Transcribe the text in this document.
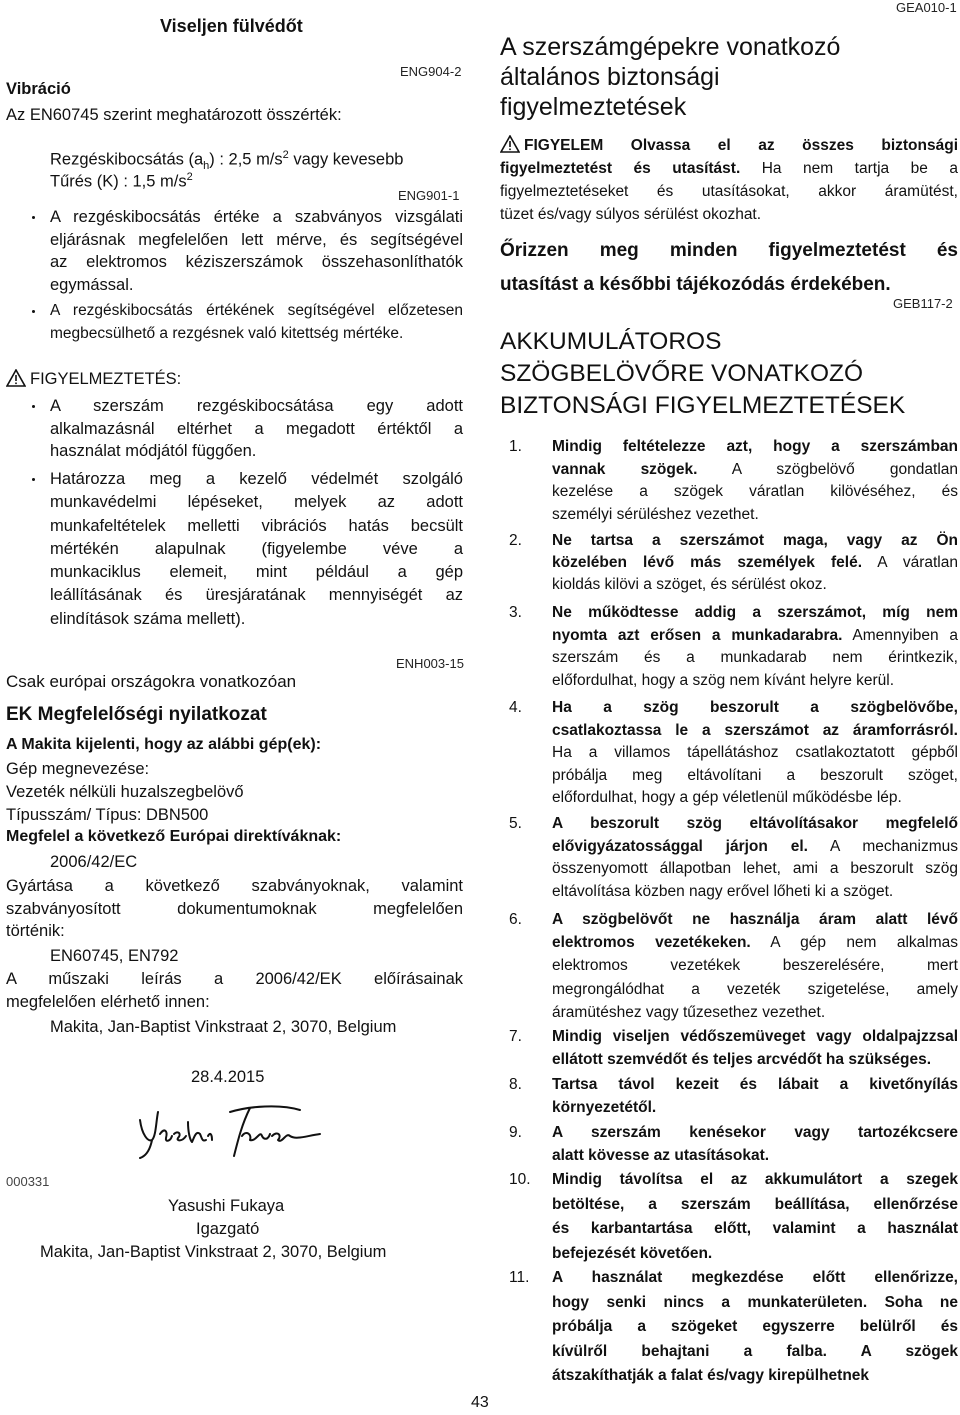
Viseljen fülvédőt
ENG904-2
Vibráció
Az EN60745 szerint meghatározott összérték:
Rezgéskibocsátás $(a_h)$ : 2,5 $m/s^2$ vagy kevesebb
Tűrés (K) : 1,5 $m/s^2$
ENG901-1
A rezgéskibocsátás értéke a szabványos vizsgálati
eljárásnak megfelelően lett mérve, és segítségével
az elektromos kéziszerszámok összehasonlíthatók
egymással.
A rezgéskibocsátás értékének segítségével előzetesen
megbecsülhető a rezgésnek való kitettség mértéke.
FIGYELMEZTETÉS:
A szerszám rezgéskibocsátása egy adott
alkalmazásnál eltérhet a megadott értéktől a
használat módjától függően.
Határozza meg a kezelő védelmét szolgáló
munkavédelmi lépéseket, melyek az adott
munkafeltételek melletti vibrációs hatás becsült
mértékén alapulnak (figyelembe véve a
munkaciklus elemeit, mint például a gép
leállításának és üresjáratának mennyiségét az
elindítások száma mellett).
ENH003-15
Csak európai országokra vonatkozóan
EK Megfelelőségi nyilatkozat
A Makita kijelenti, hogy az alábbi gép(ek):
Gép megnevezése:
Vezeték nélküli huzalszegbelövő
Típusszám/ Típus: DBN500
Megfelel a következő Európai direktíváknak:
2006/42/EC
Gyártása a következő szabványoknak, valamint
szabványosított dokumentumoknak megfelelően
történik:
EN60745, EN792
A műszaki leírás a 2006/42/EK előírásainak
megfelelően elérhető innen:
Makita, Jan-Baptist Vinkstraat 2, 3070, Belgium
28.4.2015
000331
Yasushi Fukaya
Igazgató
Makita, Jan-Baptist Vinkstraat 2, 3070, Belgium
GEA010-1
A szerszámgépekre vonatkozó
általános biztonsági
figyelmeztetések
FIGYELEM Olvassa el az összes biztonsági
figyelmeztetést és utasítást. Ha nem tartja be a
figyelmeztetéseket és utasításokat, akkor áramütést,
tüzet és/vagy súlyos sérülést okozhat.
Őrizzen meg minden figyelmeztetést és
utasítást a későbbi tájékozódás érdekében.
GEB117-2
AKKUMULÁTOROS
SZÖGBELÖVŐRE VONATKOZÓ
BIZTONSÁGI FIGYELMEZTETÉSEK
1.	Mindig feltételezze azt, hogy a szerszámban
vannak szögek. A szögbelövő gondatlan
kezelése a szögek váratlan kilövéséhez, és
személyi sérüléshez vezethet.
2.	Ne tartsa a szerszámot maga, vagy az Ön
közelében lévő más személyek felé. A váratlan
kioldás kilövi a szöget, és sérülést okoz.
3.	Ne működtesse addig a szerszámot, míg nem
nyomta azt erősen a munkadarabra. Amennyiben a
szerszám és a munkadarab nem érintkezik,
előfordulhat, hogy a szög nem kívánt helyre kerül.
4.	Ha a szög beszorult a szögbelövőbe,
csatlakoztassa le a szerszámot az áramforrásról.
Ha a villamos tápellátáshoz csatlakoztatott gépből
próbálja meg eltávolítani a beszorult szöget,
előfordulhat, hogy a gép véletlenül működésbe lép.
5.	A beszorult szög eltávolításakor megfelelő
elővigyázatossággal járjon el. A mechanizmus
összenyomott állapotban lehet, ami a beszorult szög
eltávolítása közben nagy erővel lőheti ki a szöget.
6.	A szögbelövőt ne használja áram alatt lévő
elektromos vezetékeken. A gép nem alkalmas
elektromos vezetékek beszerelésére, mert
megrongálódhat a vezeték szigetelése, amely
áramütéshez vagy tűzesethez vezethet.
7.	Mindig viseljen védőszemüveget vagy oldalpajzzsal
ellátott szemvédőt és teljes arcvédőt ha szükséges.
8.	Tartsa távol kezeit és lábait a kivetőnyílás
környezetétől.
9.	A szerszám kenésekor vagy tartozékcsere
alatt kövesse az utasításokat.
10.	Mindig távolítsa el az akkumulátort a szegek
betöltése, a szerszám beállítása, ellenőrzése
és karbantartása előtt, valamint a használat
befejezését követően.
11.	A használat megkezdése előtt ellenőrizze,
hogy senki nincs a munkaterületen. Soha ne
próbálja a szögeket egyszerre belülről és
kívülről behajtani a falba. A szögek
átszakíthatják a falat és/vagy kirepülhetnek
43
